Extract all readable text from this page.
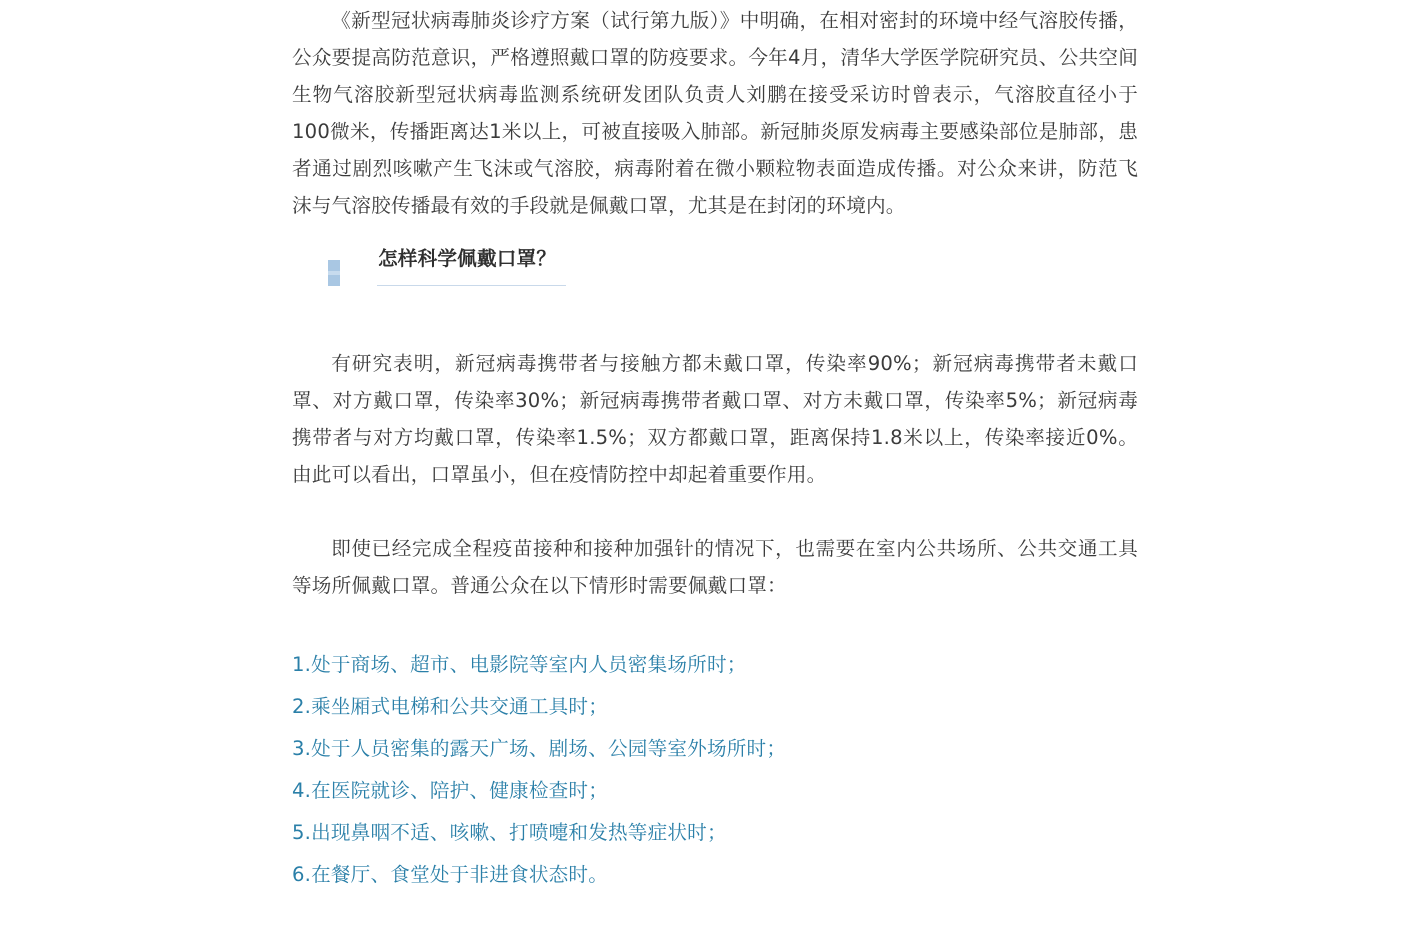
《新型冠状病毒肺炎诊疗方案（试行第九版）》中明确，在相对密封的环境中经气溶胶传播，公众要提高防范意识，严格遵照戴口罩的防疫要求。今年4月，清华大学医学院研究员、公共空间生物气溶胶新型冠状病毒监测系统研发团队负责人刘鹏在接受采访时曾表示，气溶胶直径小于100微米，传播距离达1米以上，可被直接吸入肺部。新冠肺炎原发病毒主要感染部位是肺部，患者通过剧烈咳嗽产生飞沫或气溶胶，病毒附着在微小颗粒物表面造成传播。对公众来讲，防范飞沫与气溶胶传播最有效的手段就是佩戴口罩，尤其是在封闭的环境内。

怎样科学佩戴口罩？

有研究表明，新冠病毒携带者与接触方都未戴口罩，传染率90%；新冠病毒携带者未戴口罩、对方戴口罩，传染率30%；新冠病毒携带者戴口罩、对方未戴口罩，传染率5%；新冠病毒携带者与对方均戴口罩，传染率1.5%；双方都戴口罩，距离保持1.8米以上，传染率接近0%。由此可以看出，口罩虽小，但在疫情防控中却起着重要作用。

即使已经完成全程疫苗接种和接种加强针的情况下，也需要在室内公共场所、公共交通工具等场所佩戴口罩。普通公众在以下情形时需要佩戴口罩：

1.处于商场、超市、电影院等室内人员密集场所时；
2.乘坐厢式电梯和公共交通工具时；
3.处于人员密集的露天广场、剧场、公园等室外场所时；
4.在医院就诊、陪护、健康检查时；
5.出现鼻咽不适、咳嗽、打喷嚏和发热等症状时；
6.在餐厅、食堂处于非进食状态时。
